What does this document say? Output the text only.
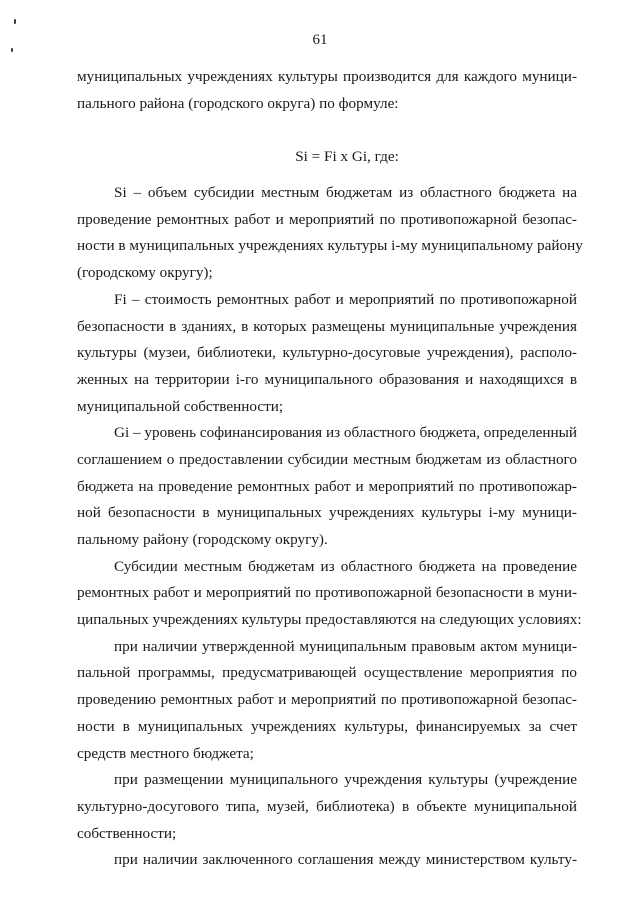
61
муниципальных учреждениях культуры производится для каждого муници-
пального района (городского округа) по формуле:
Si = Fi x Gi, где:
Si – объем субсидии местным бюджетам из областного бюджета на
проведение ремонтных работ и мероприятий по противопожарной безопас-
ности в муниципальных учреждениях культуры i-му муниципальному району
(городскому округу);
Fi – стоимость ремонтных работ и мероприятий по противопожарной
безопасности в зданиях, в которых размещены муниципальные учреждения
культуры (музеи, библиотеки, культурно-досуговые учреждения), располо-
женных на территории i-го муниципального образования и находящихся в
муниципальной собственности;
Gi – уровень софинансирования из областного бюджета, определенный
соглашением о предоставлении субсидии местным бюджетам из областного
бюджета на проведение ремонтных работ и мероприятий по противопожар-
ной безопасности в муниципальных учреждениях культуры i-му муници-
пальному району (городскому округу).
Субсидии местным бюджетам из областного бюджета на проведение
ремонтных работ и мероприятий по противопожарной безопасности в муни-
ципальных учреждениях культуры предоставляются на следующих условиях:
при наличии утвержденной муниципальным правовым актом муници-
пальной программы, предусматривающей осуществление мероприятия по
проведению ремонтных работ и мероприятий по противопожарной безопас-
ности в муниципальных учреждениях культуры, финансируемых за счет
средств местного бюджета;
при размещении муниципального учреждения культуры (учреждение
культурно-досугового типа, музей, библиотека) в объекте муниципальной
собственности;
при наличии заключенного соглашения между министерством культу-
